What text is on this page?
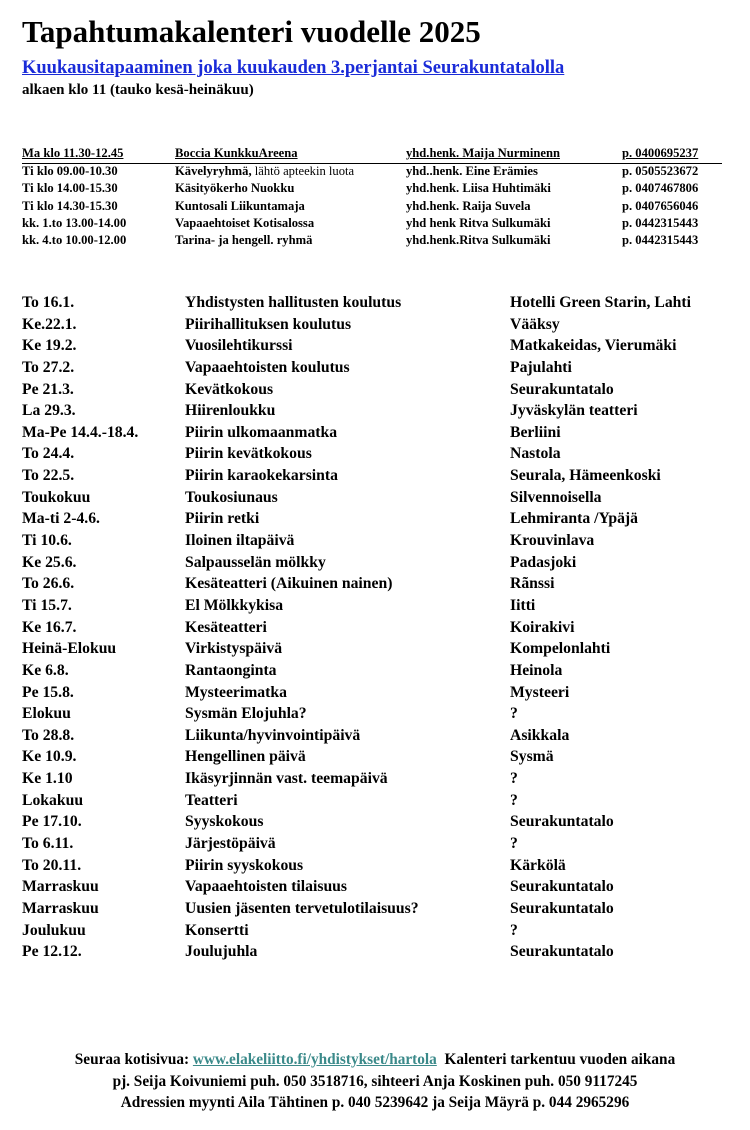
Tapahtumakalenteri vuodelle 2025
Kuukausitapaaminen joka kuukauden 3.perjantai Seurakuntatalolla
alkaen klo 11 (tauko kesä-heinäkuu)
Ma klo 11.30-12.45	Boccia KunkkuAreena	yhd.henk. Maija Nurminenn	p. 0400695237
Ti klo 09.00-10.30	Kävelyryhmä, lähtö apteekin luota	yhd..henk. Eine Erämies	p. 0505523672
Ti klo 14.00-15.30	Käsityökerho Nuokku	yhd.henk. Liisa Huhtimäki	p. 0407467806
Ti klo 14.30-15.30	Kuntosali Liikuntamaja	yhd.henk. Raija Suvela	p. 0407656046
kk. 1.to 13.00-14.00	Vapaaehtoiset Kotisalossa	yhd henk Ritva Sulkumäki	p. 0442315443
kk. 4.to 10.00-12.00	Tarina- ja hengell. ryhmä	yhd.henk.Ritva Sulkumäki	p. 0442315443
To 16.1.	Yhdistysten hallitusten koulutus	Hotelli Green Starin, Lahti
Ke.22.1.	Piirihallituksen koulutus	Vääksy
Ke 19.2.	Vuosilehtikurssi	Matkakeidas, Vierumäki
To 27.2.	Vapaaehtoisten koulutus	Pajulahti
Pe 21.3.	Kevätkokous	Seurakuntatalo
La 29.3.	Hiirenloukku	Jyväskylän teatteri
Ma-Pe 14.4.-18.4.	Piirin ulkomaanmatka	Berliini
To 24.4.	Piirin kevätkokous	Nastola
To 22.5.	Piirin karaokekarsinta	Seurala, Hämeenkoski
Toukokuu	Toukosiunaus	Silvennoisella
Ma-ti 2-4.6.	Piirin retki	Lehmiranta /Ypäjä
Ti 10.6.	Iloinen iltapäivä	Krouvinlava
Ke 25.6.	Salpausselän mölkky	Padasjoki
To 26.6.	Kesäteatteri (Aikuinen nainen)	Rãnssi
Ti 15.7.	El Mölkkykisa	Iitti
Ke 16.7.	Kesäteatteri	Koirakivi
Heinä-Elokuu	Virkistyspäivä	Kompelonlahti
Ke 6.8.	Rantaonginta	Heinola
Pe 15.8.	Mysteerimatka	Mysteeri
Elokuu	Sysmän Elojuhla?	?
To 28.8.	Liikunta/hyvinvointipäivä	Asikkala
Ke 10.9.	Hengellinen päivä	Sysmä
Ke 1.10	Ikäsyrjinnän vast. teemapäivä	?
Lokakuu	Teatteri	?
Pe 17.10.	Syyskokous	Seurakuntatalo
To 6.11.	Järjestöpäivä	?
To 20.11.	Piirin syyskokous	Kärkölä
Marraskuu	Vapaaehtoisten tilaisuus	Seurakuntatalo
Marraskuu	Uusien jäsenten tervetulotilaisuus?	Seurakuntatalo
Joulukuu	Konsertti	?
Pe 12.12.	Joulujuhla	Seurakuntatalo
Seuraa kotisivua: www.elakeliitto.fi/yhdistykset/hartola  Kalenteri tarkentuu vuoden aikana
pj. Seija Koivuniemi puh. 050 3518716, sihteeri Anja Koskinen puh. 050 9117245
Adressien myynti Aila Tähtinen p. 040 5239642 ja Seija Mäyrä p. 044 2965296
